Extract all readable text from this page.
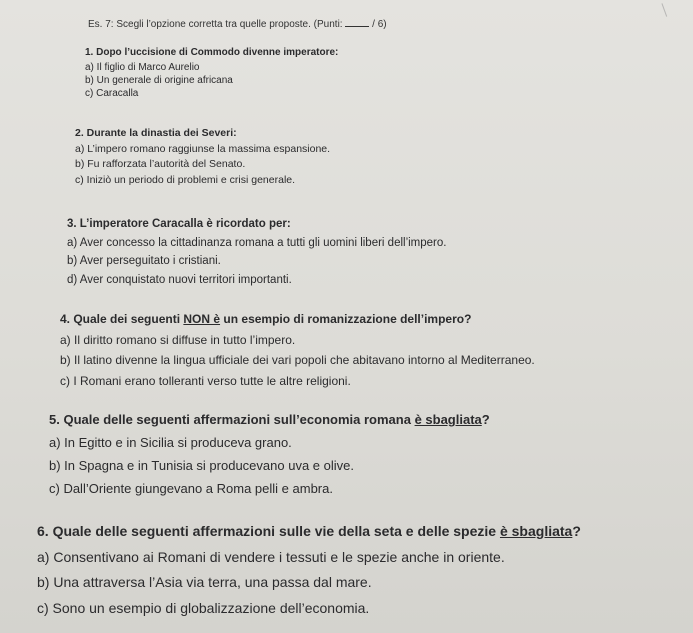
Es. 7: Scegli l’opzione corretta tra quelle proposte. (Punti:	/ 6)
1. Dopo l’uccisione di Commodo divenne imperatore:
a) Il figlio di Marco Aurelio
b) Un generale di origine africana
c) Caracalla
2. Durante la dinastia dei Severi:
a) L’impero romano raggiunse la massima espansione.
b) Fu rafforzata l’autorità del Senato.
c) Iniziò un periodo di problemi e crisi generale.
3. L’imperatore Caracalla è ricordato per:
a) Aver concesso la cittadinanza romana a tutti gli uomini liberi dell’impero.
b) Aver perseguitato i cristiani.
d) Aver conquistato nuovi territori importanti.
4. Quale dei seguenti NON è un esempio di romanizzazione dell’impero?
a) Il diritto romano si diffuse in tutto l’impero.
b) Il latino divenne la lingua ufficiale dei vari popoli che abitavano intorno al Mediterraneo.
c) I Romani erano tolleranti verso tutte le altre religioni.
5. Quale delle seguenti affermazioni sull’economia romana è sbagliata?
a) In Egitto e in Sicilia si produceva grano.
b) In Spagna e in Tunisia si producevano uva e olive.
c) Dall’Oriente giungevano a Roma pelli e ambra.
6. Quale delle seguenti affermazioni sulle vie della seta e delle spezie è sbagliata?
a) Consentivano ai Romani di vendere i tessuti e le spezie anche in oriente.
b) Una attraversa l’Asia via terra, una passa dal mare.
c) Sono un esempio di globalizzazione dell’economia.
